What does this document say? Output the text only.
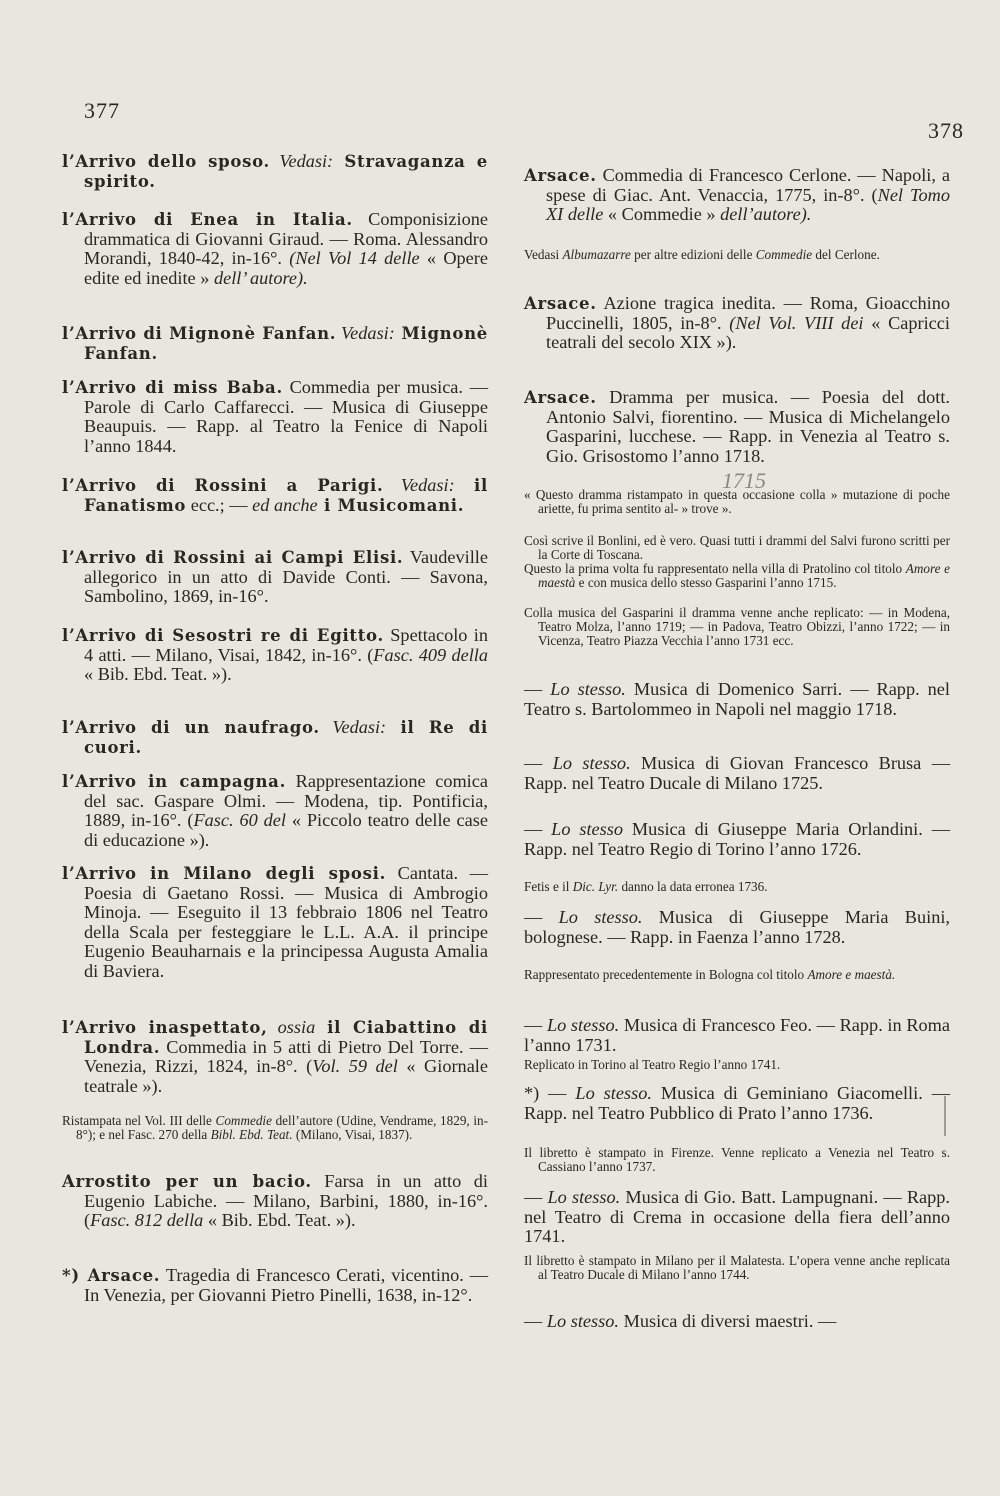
377
378
1715
l’Arrivo dello sposo. Vedasi: Stravaganza e spirito.
l’Arrivo di Enea in Italia. Componisizione drammatica di Giovanni Giraud. — Roma. Alessandro Morandi, 1840-42, in-16°. (Nel Vol 14 delle « Opere edite ed inedite » dell’ autore).
l’Arrivo di Mignonè Fanfan. Vedasi: Mignonè Fanfan.
l’Arrivo di miss Baba. Commedia per musica. — Parole di Carlo Caffarecci. — Musica di Giuseppe Beaupuis. — Rapp. al Teatro la Fenice di Napoli l’anno 1844.
l’Arrivo di Rossini a Parigi. Vedasi: il Fanatismo ecc.; — ed anche i Musicomani.
l’Arrivo di Rossini ai Campi Elisi. Vaudeville allegorico in un atto di Davide Conti. — Savona, Sambolino, 1869, in-16°.
l’Arrivo di Sesostri re di Egitto. Spettacolo in 4 atti. — Milano, Visai, 1842, in-16°. (Fasc. 409 della « Bib. Ebd. Teat. »).
l’Arrivo di un naufrago. Vedasi: il Re di cuori.
l’Arrivo in campagna. Rappresentazione comica del sac. Gaspare Olmi. — Modena, tip. Pontificia, 1889, in-16°. (Fasc. 60 del « Piccolo teatro delle case di educazione »).
l’Arrivo in Milano degli sposi. Cantata. — Poesia di Gaetano Rossi. — Musica di Ambrogio Minoja. — Eseguito il 13 febbraio 1806 nel Teatro della Scala per festeggiare le L.L. A.A. il principe Eugenio Beauharnais e la principessa Augusta Amalia di Baviera.
l’Arrivo inaspettato, ossia il Ciabattino di Londra. Commedia in 5 atti di Pietro Del Torre. — Venezia, Rizzi, 1824, in-8°. (Vol. 59 del « Giornale teatrale »).
Arrostito per un bacio. Farsa in un atto di Eugenio Labiche. — Milano, Barbini, 1880, in-16°. (Fasc. 812 della « Bib. Ebd. Teat. »).
*) Arsace. Tragedia di Francesco Cerati, vicentino. — In Venezia, per Giovanni Pietro Pinelli, 1638, in-12°.
Ristampata nel Vol. III delle Commedie dell’autore (Udine, Vendrame, 1829, in-8°); e nel Fasc. 270 della Bibl. Ebd. Teat. (Milano, Visai, 1837).
Arsace. Commedia di Francesco Cerlone. — Napoli, a spese di Giac. Ant. Venaccia, 1775, in-8°. (Nel Tomo XI delle « Commedie » dell’autore).
Arsace. Azione tragica inedita. — Roma, Gioacchino Puccinelli, 1805, in-8°. (Nel Vol. VIII dei « Capricci teatrali del secolo XIX »).
Arsace. Dramma per musica. — Poesia del dott. Antonio Salvi, fiorentino. — Musica di Michelangelo Gasparini, lucchese. — Rapp. in Venezia al Teatro s. Gio. Grisostomo l’anno 1718.
— Lo stesso. Musica di Domenico Sarri. — Rapp. nel Teatro s. Bartolommeo in Napoli nel maggio 1718.
— Lo stesso. Musica di Giovan Francesco Brusa — Rapp. nel Teatro Ducale di Milano 1725.
— Lo stesso Musica di Giuseppe Maria Orlandini. — Rapp. nel Teatro Regio di Torino l’anno 1726.
— Lo stesso. Musica di Giuseppe Maria Buini, bolognese. — Rapp. in Faenza l’anno 1728.
— Lo stesso. Musica di Francesco Feo. — Rapp. in Roma l’anno 1731.
*) — Lo stesso. Musica di Geminiano Giacomelli. — Rapp. nel Teatro Pubblico di Prato l’anno 1736.
— Lo stesso. Musica di Gio. Batt. Lampugnani. — Rapp. nel Teatro di Crema in occasione della fiera dell’anno 1741.
— Lo stesso. Musica di diversi maestri. —
Vedasi Albumazarre per altre edizioni delle Commedie del Cerlone.
« Questo dramma ristampato in questa occasione colla » mutazione di poche ariette, fu prima sentito al- » trove ».
Così scrive il Bonlini, ed è vero. Quasi tutti i drammi del Salvi furono scritti per la Corte di Toscana.
Questo la prima volta fu rappresentato nella villa di Pratolino col titolo Amore e maestà e con musica dello stesso Gasparini l’anno 1715.
Colla musica del Gasparini il dramma venne anche replicato: — in Modena, Teatro Molza, l’anno 1719; — in Padova, Teatro Obizzi, l’anno 1722; — in Vicenza, Teatro Piazza Vecchia l’anno 1731 ecc.
Fetis e il Dic. Lyr. danno la data erronea 1736.
Rappresentato precedentemente in Bologna col titolo Amore e maestà.
Replicato in Torino al Teatro Regio l’anno 1741.
Il libretto è stampato in Firenze. Venne replicato a Venezia nel Teatro s. Cassiano l’anno 1737.
Il libretto è stampato in Milano per il Malatesta. L’opera venne anche replicata al Teatro Ducale di Milano l’anno 1744.
